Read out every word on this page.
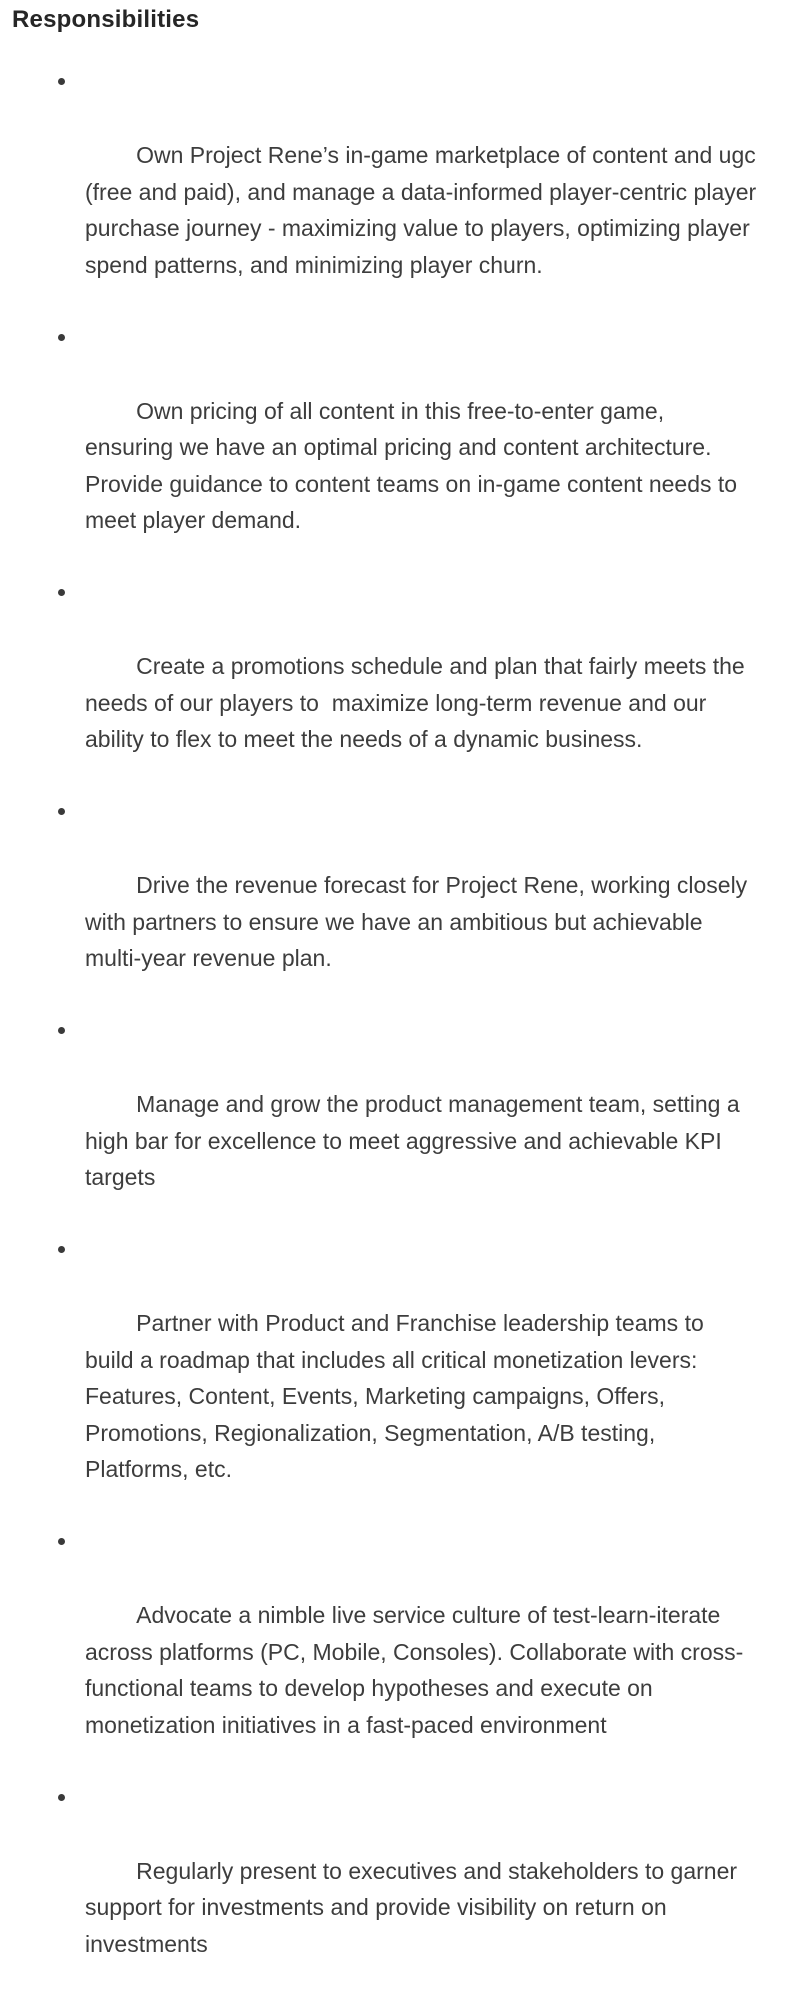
Responsibilities

Own Project Rene’s in-game marketplace of content and ugc (free and paid), and manage a data-informed player-centric player purchase journey - maximizing value to players, optimizing player spend patterns, and minimizing player churn.

Own pricing of all content in this free-to-enter game, ensuring we have an optimal pricing and content architecture. Provide guidance to content teams on in-game content needs to meet player demand.

Create a promotions schedule and plan that fairly meets the needs of our players to  maximize long-term revenue and our ability to flex to meet the needs of a dynamic business.

Drive the revenue forecast for Project Rene, working closely with partners to ensure we have an ambitious but achievable multi-year revenue plan.

Manage and grow the product management team, setting a high bar for excellence to meet aggressive and achievable KPI targets

Partner with Product and Franchise leadership teams to build a roadmap that includes all critical monetization levers: Features, Content, Events, Marketing campaigns, Offers, Promotions, Regionalization, Segmentation, A/B testing, Platforms, etc.

Advocate a nimble live service culture of test-learn-iterate across platforms (PC, Mobile, Consoles). Collaborate with cross-functional teams to develop hypotheses and execute on monetization initiatives in a fast-paced environment

Regularly present to executives and stakeholders to garner support for investments and provide visibility on return on investments
